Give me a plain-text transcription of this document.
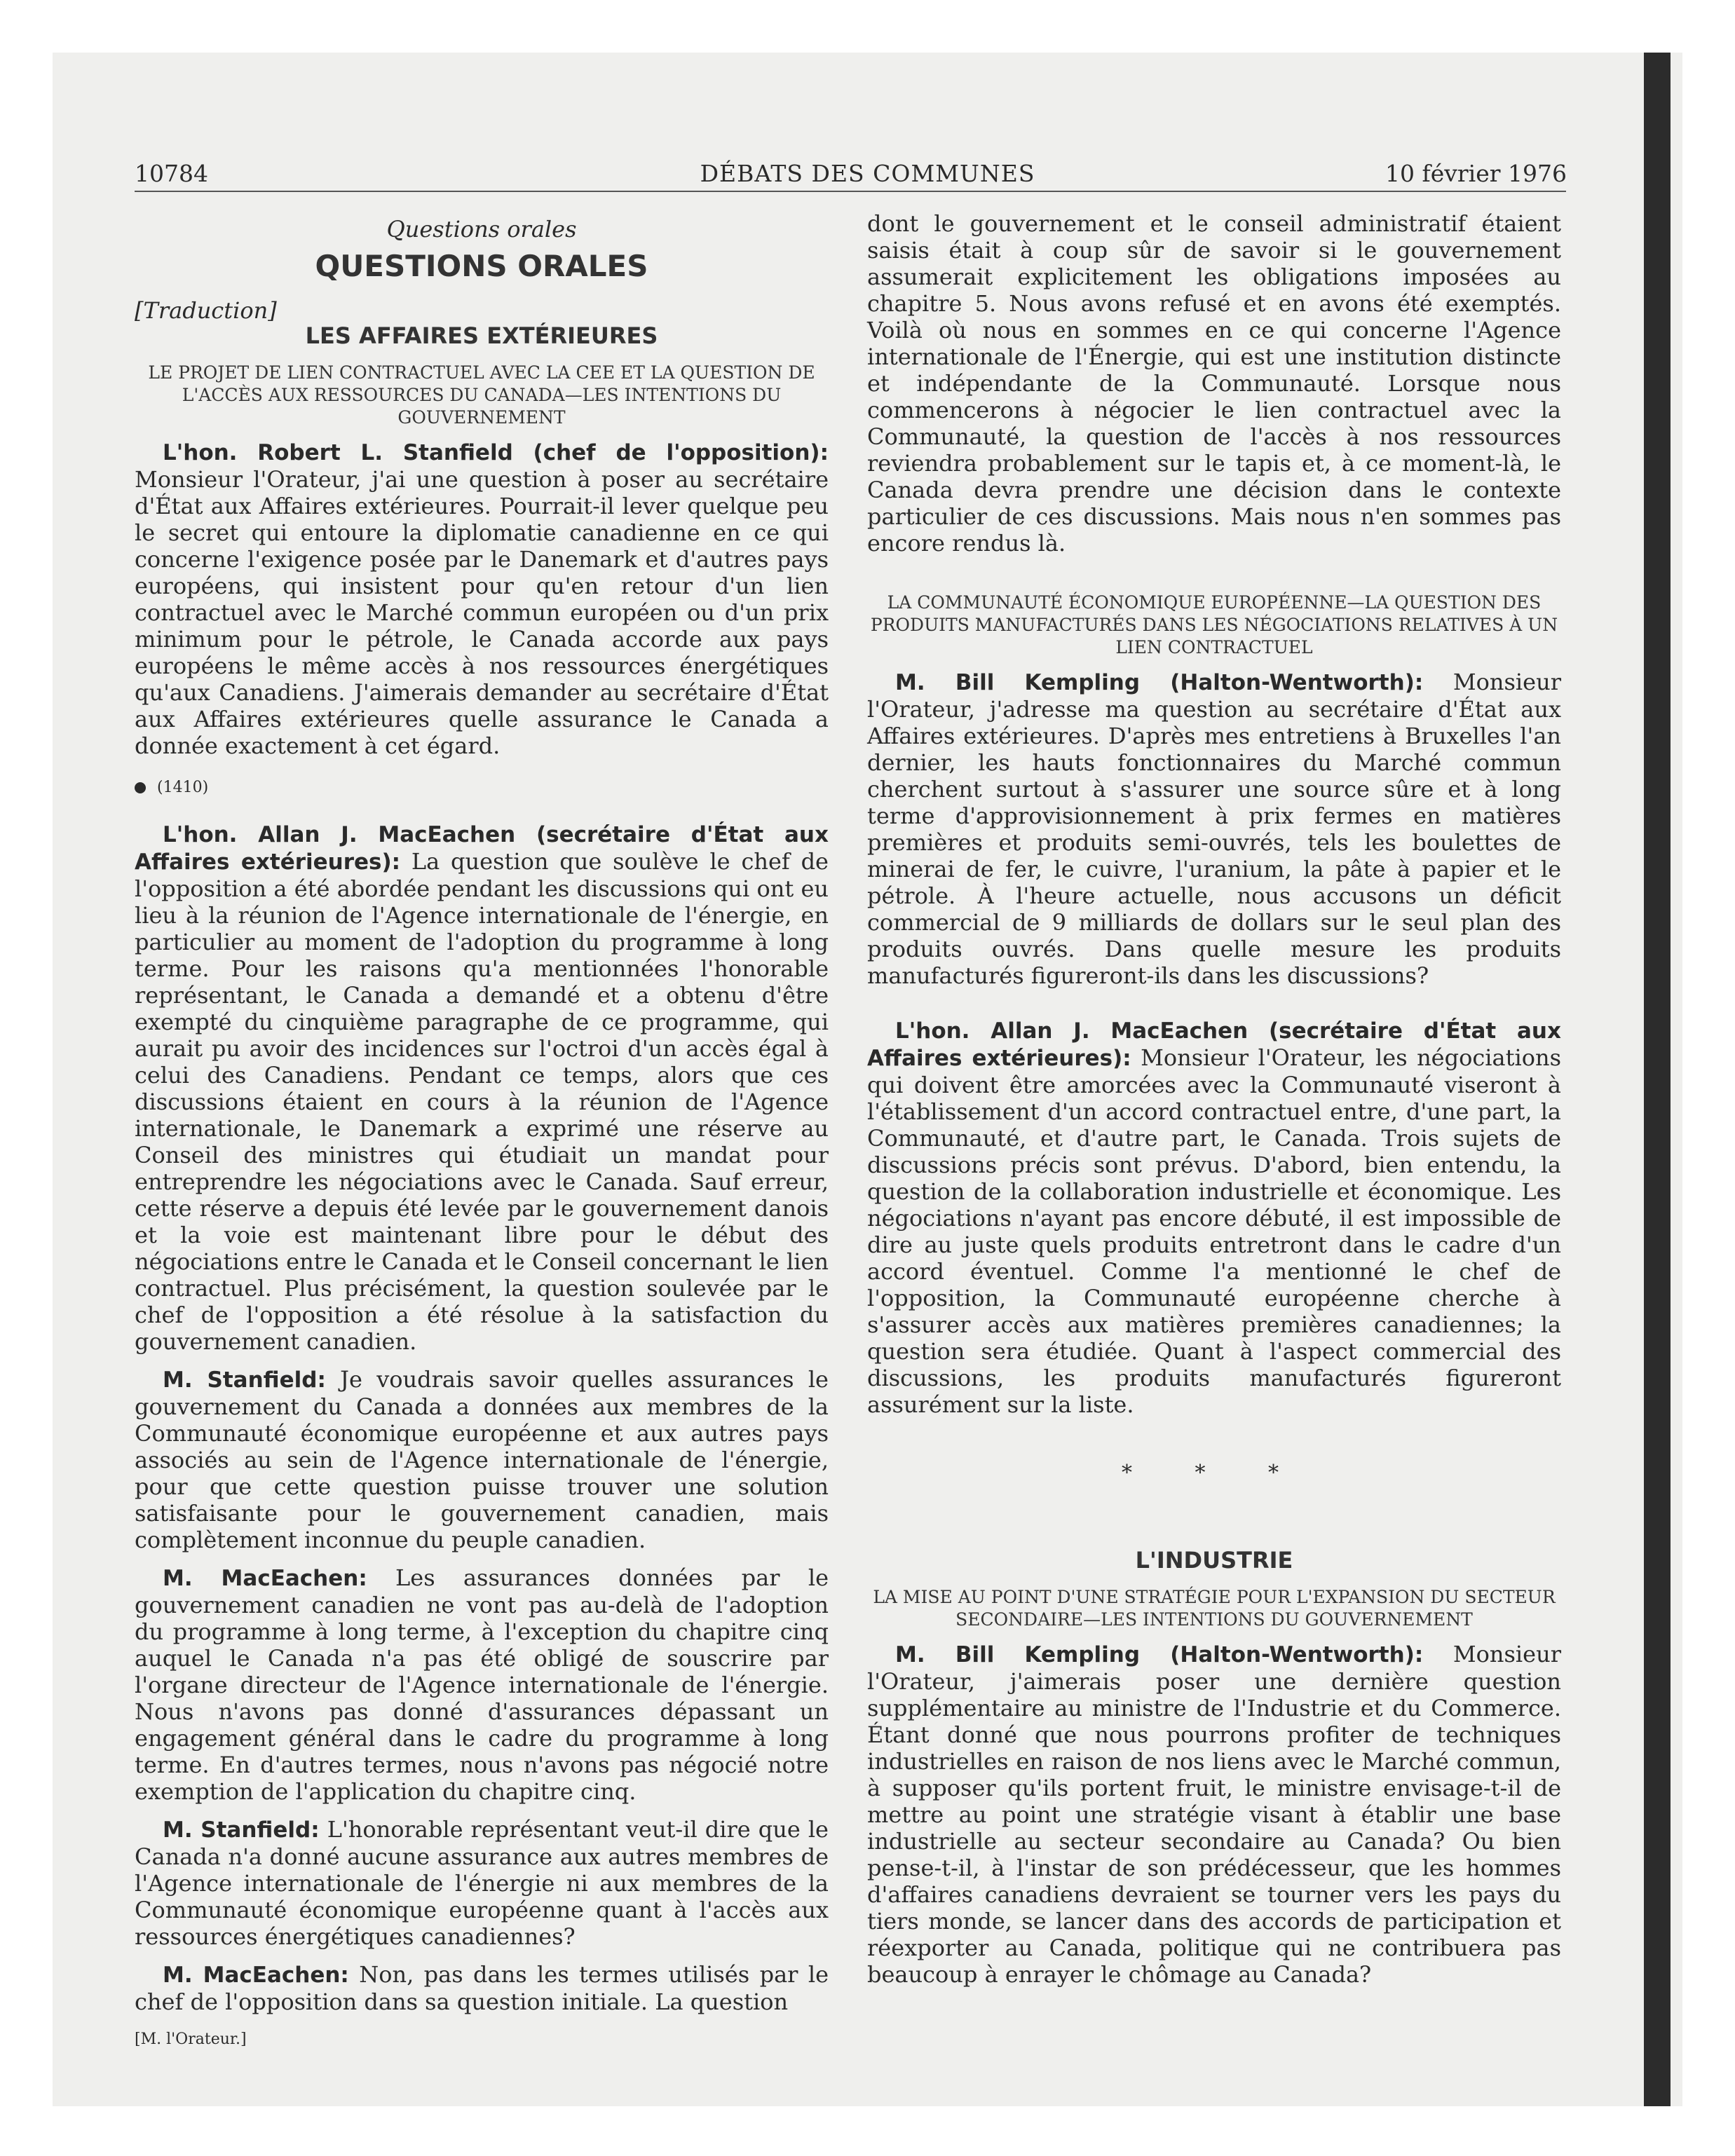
10784	DÉBATS DES COMMUNES	10 février 1976
Questions orales
QUESTIONS ORALES
[Traduction]
LES AFFAIRES EXTÉRIEURES
LE PROJET DE LIEN CONTRACTUEL AVEC LA CEE ET LA QUESTION DE L'ACCÈS AUX RESSOURCES DU CANADA—LES INTENTIONS DU GOUVERNEMENT

L'hon. Robert L. Stanfield (chef de l'opposition): Monsieur l'Orateur, j'ai une question à poser au secrétaire d'État aux Affaires extérieures. Pourrait-il lever quelque peu le secret qui entoure la diplomatie canadienne en ce qui concerne l'exigence posée par le Danemark et d'autres pays européens, qui insistent pour qu'en retour d'un lien contractuel avec le Marché commun européen ou d'un prix minimum pour le pétrole, le Canada accorde aux pays européens le même accès à nos ressources énergétiques qu'aux Canadiens. J'aimerais demander au secrétaire d'État aux Affaires extérieures quelle assurance le Canada a donnée exactement à cet égard.

(1410)

L'hon. Allan J. MacEachen (secrétaire d'État aux Affaires extérieures): La question que soulève le chef de l'opposition a été abordée pendant les discussions qui ont eu lieu à la réunion de l'Agence internationale de l'énergie, en particulier au moment de l'adoption du programme à long terme. Pour les raisons qu'a mentionnées l'honorable représentant, le Canada a demandé et a obtenu d'être exempté du cinquième paragraphe de ce programme, qui aurait pu avoir des incidences sur l'octroi d'un accès égal à celui des Canadiens. Pendant ce temps, alors que ces discussions étaient en cours à la réunion de l'Agence internationale, le Danemark a exprimé une réserve au Conseil des ministres qui étudiait un mandat pour entreprendre les négociations avec le Canada. Sauf erreur, cette réserve a depuis été levée par le gouvernement danois et la voie est maintenant libre pour le début des négociations entre le Canada et le Conseil concernant le lien contractuel. Plus précisément, la question soulevée par le chef de l'opposition a été résolue à la satisfaction du gouvernement canadien.

M. Stanfield: Je voudrais savoir quelles assurances le gouvernement du Canada a données aux membres de la Communauté économique européenne et aux autres pays associés au sein de l'Agence internationale de l'énergie, pour que cette question puisse trouver une solution satisfaisante pour le gouvernement canadien, mais complètement inconnue du peuple canadien.

M. MacEachen: Les assurances données par le gouvernement canadien ne vont pas au-delà de l'adoption du programme à long terme, à l'exception du chapitre cinq auquel le Canada n'a pas été obligé de souscrire par l'organe directeur de l'Agence internationale de l'énergie. Nous n'avons pas donné d'assurances dépassant un engagement général dans le cadre du programme à long terme. En d'autres termes, nous n'avons pas négocié notre exemption de l'application du chapitre cinq.

M. Stanfield: L'honorable représentant veut-il dire que le Canada n'a donné aucune assurance aux autres membres de l'Agence internationale de l'énergie ni aux membres de la Communauté économique européenne quant à l'accès aux ressources énergétiques canadiennes?

M. MacEachen: Non, pas dans les termes utilisés par le chef de l'opposition dans sa question initiale. La question

[M. l'Orateur.]

dont le gouvernement et le conseil administratif étaient saisis était à coup sûr de savoir si le gouvernement assumerait explicitement les obligations imposées au chapitre 5. Nous avons refusé et en avons été exemptés. Voilà où nous en sommes en ce qui concerne l'Agence internationale de l'Énergie, qui est une institution distincte et indépendante de la Communauté. Lorsque nous commencerons à négocier le lien contractuel avec la Communauté, la question de l'accès à nos ressources reviendra probablement sur le tapis et, à ce moment-là, le Canada devra prendre une décision dans le contexte particulier de ces discussions. Mais nous n'en sommes pas encore rendus là.

LA COMMUNAUTÉ ÉCONOMIQUE EUROPÉENNE—LA QUESTION DES PRODUITS MANUFACTURÉS DANS LES NÉGOCIATIONS RELATIVES À UN LIEN CONTRACTUEL

M. Bill Kempling (Halton-Wentworth): Monsieur l'Orateur, j'adresse ma question au secrétaire d'État aux Affaires extérieures. D'après mes entretiens à Bruxelles l'an dernier, les hauts fonctionnaires du Marché commun cherchent surtout à s'assurer une source sûre et à long terme d'approvisionnement à prix fermes en matières premières et produits semi-ouvrés, tels les boulettes de minerai de fer, le cuivre, l'uranium, la pâte à papier et le pétrole. À l'heure actuelle, nous accusons un déficit commercial de 9 milliards de dollars sur le seul plan des produits ouvrés. Dans quelle mesure les produits manufacturés figureront-ils dans les discussions?

L'hon. Allan J. MacEachen (secrétaire d'État aux Affaires extérieures): Monsieur l'Orateur, les négociations qui doivent être amorcées avec la Communauté viseront à l'établissement d'un accord contractuel entre, d'une part, la Communauté, et d'autre part, le Canada. Trois sujets de discussions précis sont prévus. D'abord, bien entendu, la question de la collaboration industrielle et économique. Les négociations n'ayant pas encore débuté, il est impossible de dire au juste quels produits entretront dans le cadre d'un accord éventuel. Comme l'a mentionné le chef de l'opposition, la Communauté européenne cherche à s'assurer accès aux matières premières canadiennes; la question sera étudiée. Quant à l'aspect commercial des discussions, les produits manufacturés figureront assurément sur la liste.

* * *
L'INDUSTRIE
LA MISE AU POINT D'UNE STRATÉGIE POUR L'EXPANSION DU SECTEUR SECONDAIRE—LES INTENTIONS DU GOUVERNEMENT

M. Bill Kempling (Halton-Wentworth): Monsieur l'Orateur, j'aimerais poser une dernière question supplémentaire au ministre de l'Industrie et du Commerce. Étant donné que nous pourrons profiter de techniques industrielles en raison de nos liens avec le Marché commun, à supposer qu'ils portent fruit, le ministre envisage-t-il de mettre au point une stratégie visant à établir une base industrielle au secteur secondaire au Canada? Ou bien pense-t-il, à l'instar de son prédécesseur, que les hommes d'affaires canadiens devraient se tourner vers les pays du tiers monde, se lancer dans des accords de participation et réexporter au Canada, politique qui ne contribuera pas beaucoup à enrayer le chômage au Canada?
